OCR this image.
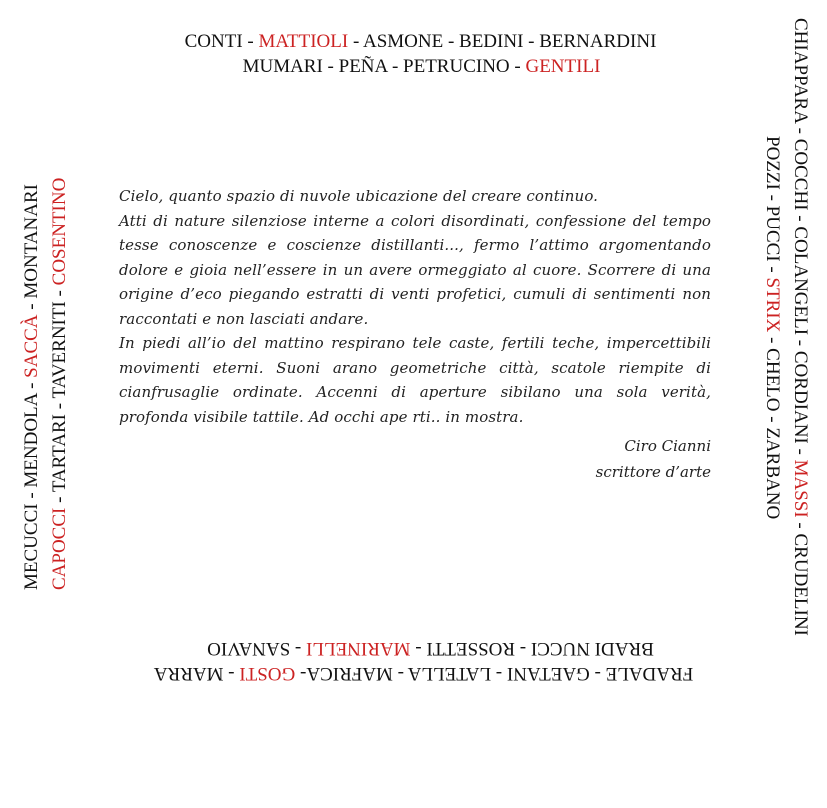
CONTI - MATTIOLI - ASMONE - BEDINI - BERNARDINI
MUMARI - PEÑA - PETRUCINO - GENTILI
FRADALE - GAETANI - LATELLA - MAFRICA- GOSTI - MARRA
BRADI NUCCI - ROSSETTI - MARINELLI - SANAVIO
MECUCCI - MENDOLA - SACCÀ - MONTANARI
CAPOCCI - TARTARI - TAVERNITI - COSENTINO	CHIAPPARA - COCCHI - COLANGELI - CORDIANI - MASSI - CRUDELINI
POZZI - PUCCI - STRIX - CHELO - ZARBANO

Cielo, quanto spazio di nuvole ubicazione del creare continuo.

Atti di nature silenziose interne a colori disordinati, confessione del tempo tesse conoscenze e coscienze distillanti..., fermo l’attimo argomentando dolore e gioia nell’essere in un avere ormeggiato al cuore. Scorrere di una origine d’eco piegando estratti di venti profetici, cumuli di sentimenti non raccontati e non lasciati andare.

In piedi all’io del mattino respirano tele caste, fertili teche, impercettibili movimenti eterni. Suoni arano geometriche città, scatole riempite di cianfrusaglie ordinate. Accenni di aperture sibilano una sola verità, profonda visibile tattile. Ad occhi ape rti.. in mostra.

Ciro Cianni
scrittore d’arte
